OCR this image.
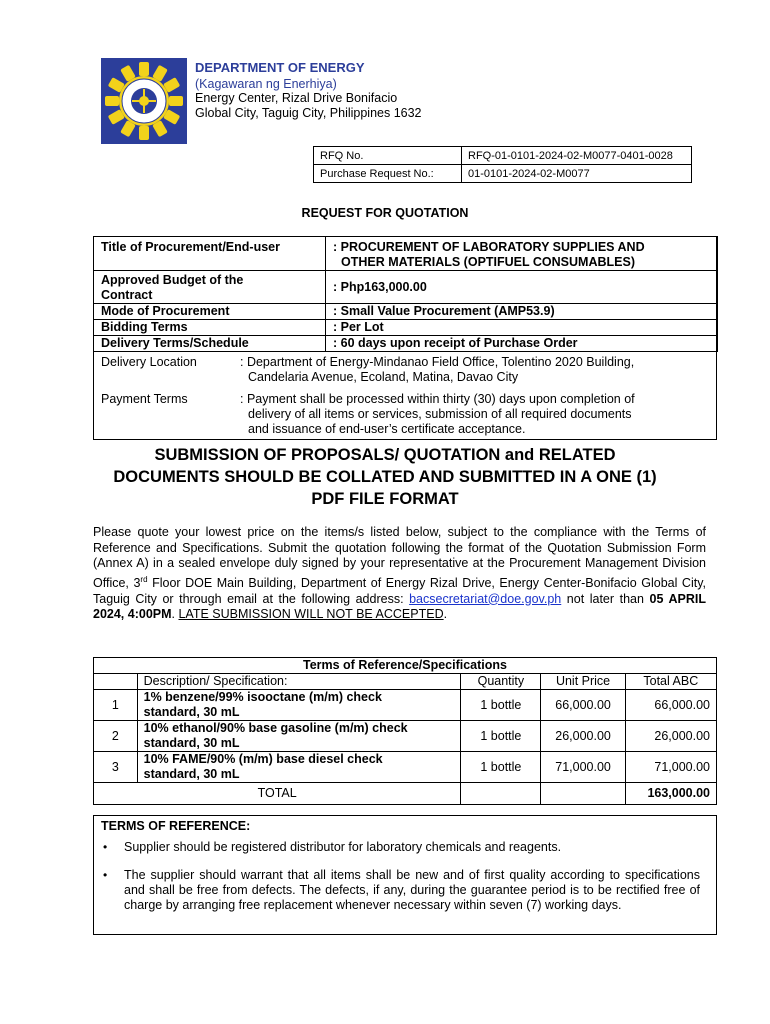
DEPARTMENT OF ENERGY
(Kagawaran ng Enerhiya)
Energy Center, Rizal Drive Bonifacio
Global City, Taguig City, Philippines 1632
RFQ No.	RFQ-01-0101-2024-02-M0077-0401-0028
Purchase Request No.:	01-0101-2024-02-M0077
REQUEST FOR QUOTATION
Title of Procurement/End-user	: PROCUREMENT OF LABORATORY SUPPLIES AND
OTHER MATERIALS (OPTIFUEL CONSUMABLES)

Approved Budget of the
Contract	: Php163,000.00
Mode of Procurement	: Small Value Procurement (AMP53.9)
Bidding Terms	: Per Lot
Delivery Terms/Schedule	: 60 days upon receipt of Purchase Order
Delivery Location	: Department of Energy-Mindanao Field Office, Tolentino 2020 Building,
Candelaria Avenue, Ecoland, Matina, Davao City
Payment Terms	: Payment shall be processed within thirty (30) days upon completion of
delivery of all items or services, submission of all required documents
and issuance of end-user’s certificate acceptance.
SUBMISSION OF PROPOSALS/ QUOTATION and RELATED
DOCUMENTS SHOULD BE COLLATED AND SUBMITTED IN A ONE (1)
PDF FILE FORMAT
Please quote your lowest price on the items/s listed below, subject to the compliance with the Terms of Reference and Specifications. Submit the quotation following the format of the Quotation Submission Form (Annex A) in a sealed envelope duly signed by your representative at the Procurement Management Division Office, 3rd Floor DOE Main Building, Department of Energy Rizal Drive, Energy Center-Bonifacio Global City, Taguig City or through email at the following address: bacsecretariat@doe.gov.ph not later than 05 APRIL 2024, 4:00PM. LATE SUBMISSION WILL NOT BE ACCEPTED.
Terms of Reference/Specifications				
	Description/ Specification:	Quantity	Unit Price	Total ABC
1	1% benzene/99% isooctane (m/m) check
standard, 30 mL	1 bottle	66,000.00	66,000.00
2	10% ethanol/90% base gasoline (m/m) check
standard, 30 mL	1 bottle	26,000.00	26,000.00
3	10% FAME/90% (m/m) base diesel check
standard, 30 mL	1 bottle	71,000.00	71,000.00
TOTAL				163,000.00
TERMS OF REFERENCE:
• Supplier should be registered distributor for laboratory chemicals and reagents.
• The supplier should warrant that all items shall be new and of first quality according to specifications and shall be free from defects. The defects, if any, during the guarantee period is to be rectified free of charge by arranging free replacement whenever necessary within seven (7) working days.
